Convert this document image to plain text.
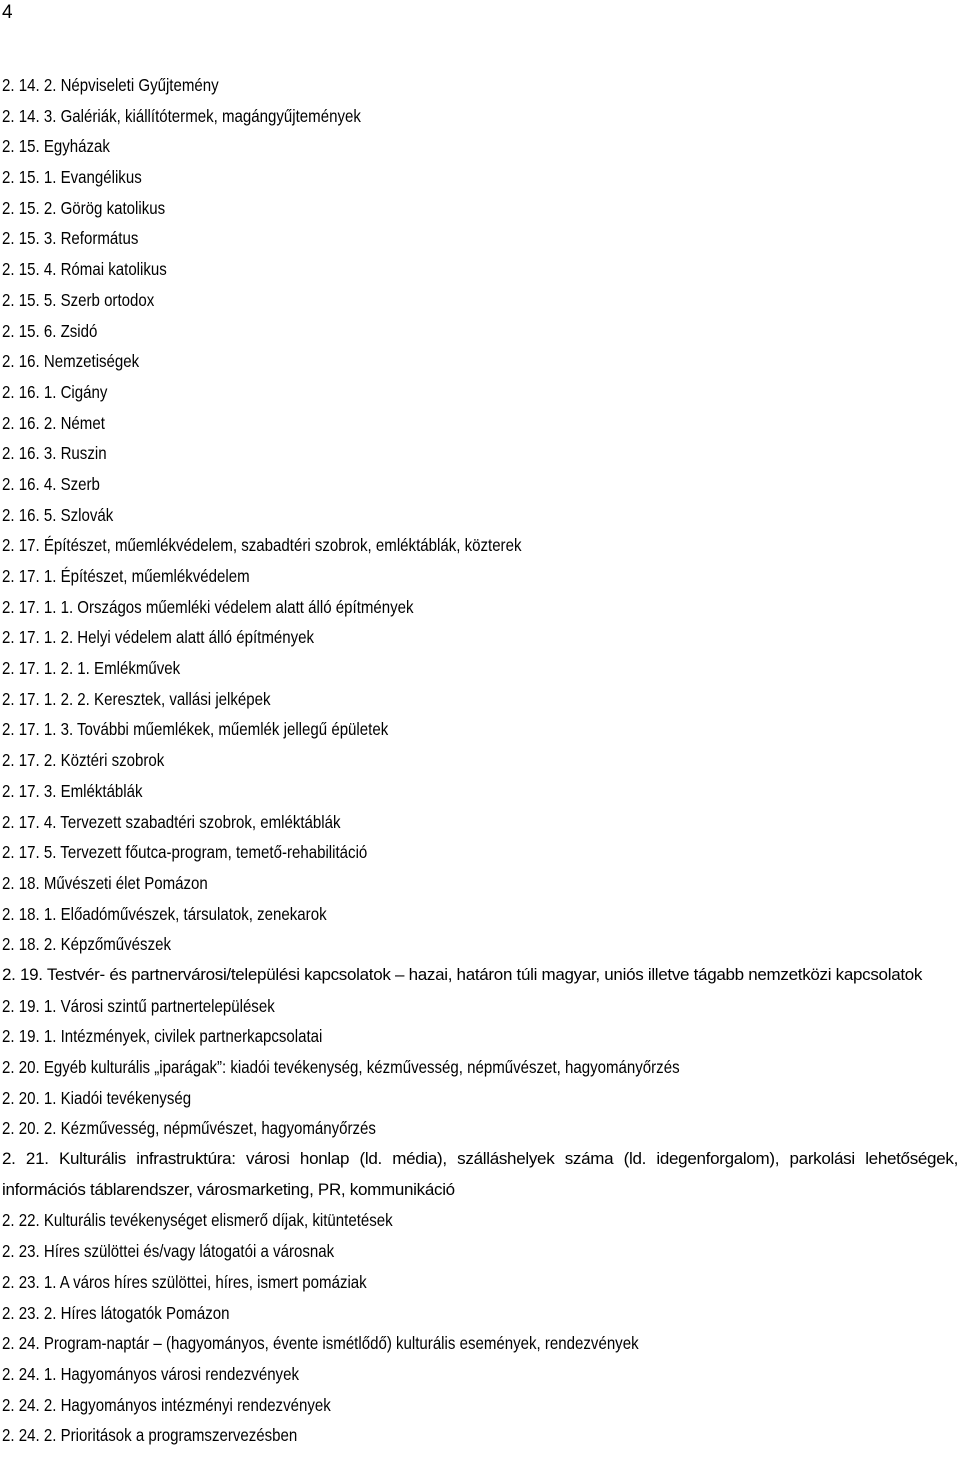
4
2. 14. 2. Népviseleti Gyűjtemény
2. 14. 3. Galériák, kiállítótermek, magángyűjtemények
2. 15. Egyházak
2. 15. 1. Evangélikus
2. 15. 2. Görög katolikus
2. 15. 3. Református
2. 15. 4. Római katolikus
2. 15. 5. Szerb ortodox
2. 15. 6. Zsidó
2. 16. Nemzetiségek
2. 16. 1. Cigány
2. 16. 2. Német
2. 16. 3. Ruszin
2. 16. 4. Szerb
2. 16. 5. Szlovák
2. 17. Építészet, műemlékvédelem, szabadtéri szobrok, emléktáblák, közterek
2. 17. 1. Építészet, műemlékvédelem
2. 17. 1. 1. Országos műemléki védelem alatt álló építmények
2. 17. 1. 2. Helyi védelem alatt álló építmények
2. 17. 1. 2. 1. Emlékművek
2. 17. 1. 2. 2. Keresztek, vallási jelképek
2. 17. 1. 3. További műemlékek, műemlék jellegű épületek
2. 17. 2. Köztéri szobrok
2. 17. 3. Emléktáblák
2. 17. 4. Tervezett szabadtéri szobrok, emléktáblák
2. 17. 5. Tervezett főutca-program, temető-rehabilitáció
2. 18. Művészeti élet Pomázon
2. 18. 1. Előadóművészek, társulatok, zenekarok
2. 18. 2. Képzőművészek
2. 19. Testvér- és partnervárosi/települési kapcsolatok – hazai, határon túli magyar, uniós illetve tágabb nemzetközi kapcsolatok
2. 19. 1. Városi szintű partnertelepülések
2. 19. 1. Intézmények, civilek partnerkapcsolatai
2. 20. Egyéb kulturális „iparágak”: kiadói tevékenység, kézművesség, népművészet, hagyományőrzés
2. 20. 1. Kiadói tevékenység
2. 20. 2. Kézművesség, népművészet, hagyományőrzés
2. 21. Kulturális infrastruktúra: városi honlap (ld. média), szálláshelyek száma (ld. idegenforgalom), parkolási lehetőségek, információs táblarendszer, városmarketing, PR, kommunikáció
2. 22. Kulturális tevékenységet elismerő díjak, kitüntetések
2. 23. Híres szülöttei és/vagy látogatói a városnak
2. 23. 1. A város híres szülöttei, híres, ismert pomáziak
2. 23. 2. Híres látogatók Pomázon
2. 24. Program-naptár – (hagyományos, évente ismétlődő) kulturális események, rendezvények
2. 24. 1. Hagyományos városi rendezvények
2. 24. 2. Hagyományos intézményi rendezvények
2. 24. 2. Prioritások a programszervezésben
